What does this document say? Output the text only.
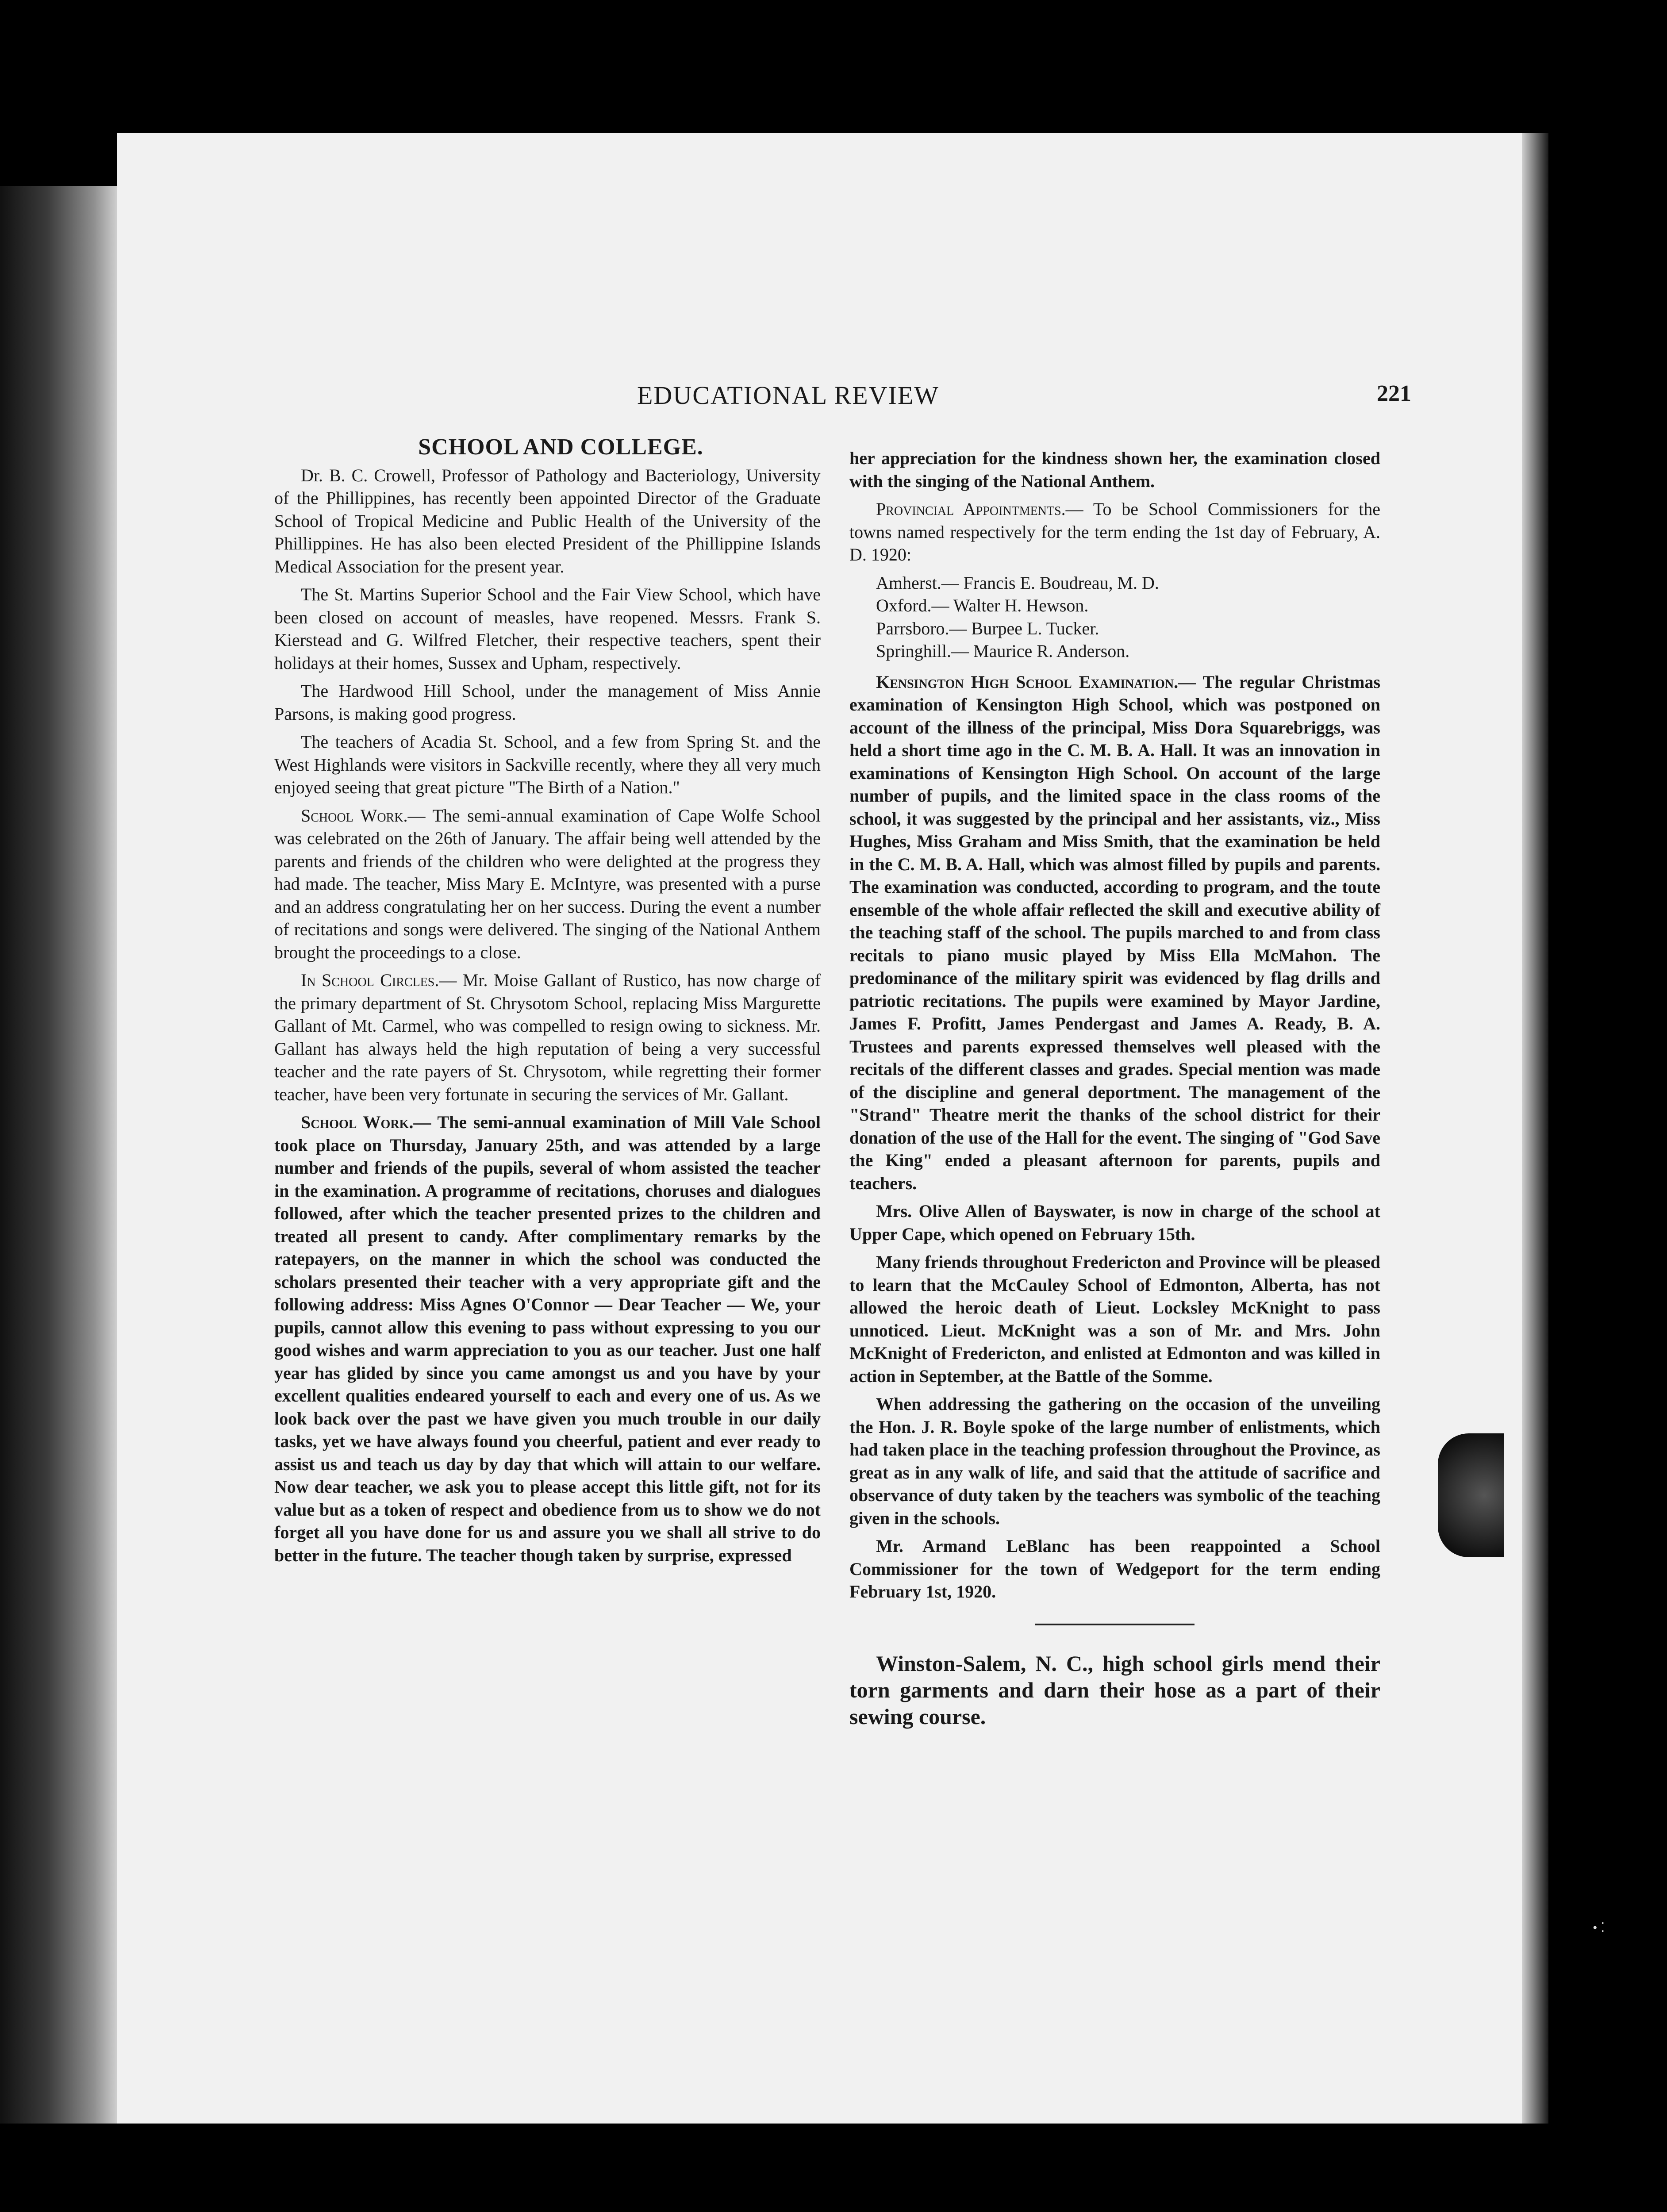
• ⁚
EDUCATIONAL REVIEW	221

SCHOOL AND COLLEGE.

Dr. B. C. Crowell, Professor of Pathology and Bacteriology, University of the Phillippines, has recently been appointed Director of the Graduate School of Tropical Medicine and Public Health of the University of the Phillippines. He has also been elected President of the Phillippine Islands Medical Association for the present year.

The St. Martins Superior School and the Fair View School, which have been closed on account of measles, have reopened. Messrs. Frank S. Kierstead and G. Wilfred Fletcher, their respective teachers, spent their holidays at their homes, Sussex and Upham, respectively.

The Hardwood Hill School, under the management of Miss Annie Parsons, is making good progress.

The teachers of Acadia St. School, and a few from Spring St. and the West Highlands were visitors in Sackville recently, where they all very much enjoyed seeing that great picture "The Birth of a Nation."

School Work.— The semi-annual examination of Cape Wolfe School was celebrated on the 26th of January. The affair being well attended by the parents and friends of the children who were delighted at the progress they had made. The teacher, Miss Mary E. McIntyre, was presented with a purse and an address congratulating her on her success. During the event a number of recitations and songs were delivered. The singing of the National Anthem brought the proceedings to a close.

In School Circles.— Mr. Moise Gallant of Rustico, has now charge of the primary department of St. Chrysotom School, replacing Miss Margurette Gallant of Mt. Carmel, who was compelled to resign owing to sickness. Mr. Gallant has always held the high reputation of being a very successful teacher and the rate payers of St. Chrysotom, while regretting their former teacher, have been very fortunate in securing the services of Mr. Gallant.

School Work.— The semi-annual examination of Mill Vale School took place on Thursday, January 25th, and was attended by a large number and friends of the pupils, several of whom assisted the teacher in the examination. A programme of recitations, choruses and dialogues followed, after which the teacher presented prizes to the children and treated all present to candy. After complimentary remarks by the ratepayers, on the manner in which the school was conducted the scholars presented their teacher with a very appropriate gift and the following address: Miss Agnes O'Connor — Dear Teacher — We, your pupils, cannot allow this evening to pass without expressing to you our good wishes and warm appreciation to you as our teacher. Just one half year has glided by since you came amongst us and you have by your excellent qualities endeared yourself to each and every one of us. As we look back over the past we have given you much trouble in our daily tasks, yet we have always found you cheerful, patient and ever ready to assist us and teach us day by day that which will attain to our welfare. Now dear teacher, we ask you to please accept this little gift, not for its value but as a token of respect and obedience from us to show we do not forget all you have done for us and assure you we shall all strive to do better in the future. The teacher though taken by surprise, expressed

her appreciation for the kindness shown her, the examination closed with the singing of the National Anthem.

Provincial Appointments.— To be School Commissioners for the towns named respectively for the term ending the 1st day of February, A. D. 1920:

Amherst.— Francis E. Boudreau, M. D.
Oxford.— Walter H. Hewson.
Parrsboro.— Burpee L. Tucker.
Springhill.— Maurice R. Anderson.

Kensington High School Examination.— The regular Christmas examination of Kensington High School, which was postponed on account of the illness of the principal, Miss Dora Squarebriggs, was held a short time ago in the C. M. B. A. Hall. It was an innovation in examinations of Kensington High School. On account of the large number of pupils, and the limited space in the class rooms of the school, it was suggested by the principal and her assistants, viz., Miss Hughes, Miss Graham and Miss Smith, that the examination be held in the C. M. B. A. Hall, which was almost filled by pupils and parents. The examination was conducted, according to program, and the toute ensemble of the whole affair reflected the skill and executive ability of the teaching staff of the school. The pupils marched to and from class recitals to piano music played by Miss Ella McMahon. The predominance of the military spirit was evidenced by flag drills and patriotic recitations. The pupils were examined by Mayor Jardine, James F. Profitt, James Pendergast and James A. Ready, B. A. Trustees and parents expressed themselves well pleased with the recitals of the different classes and grades. Special mention was made of the discipline and general deportment. The management of the "Strand" Theatre merit the thanks of the school district for their donation of the use of the Hall for the event. The singing of "God Save the King" ended a pleasant afternoon for parents, pupils and teachers.

Mrs. Olive Allen of Bayswater, is now in charge of the school at Upper Cape, which opened on February 15th.

Many friends throughout Fredericton and Province will be pleased to learn that the McCauley School of Edmonton, Alberta, has not allowed the heroic death of Lieut. Locksley McKnight to pass unnoticed. Lieut. McKnight was a son of Mr. and Mrs. John McKnight of Fredericton, and enlisted at Edmonton and was killed in action in September, at the Battle of the Somme.

When addressing the gathering on the occasion of the unveiling the Hon. J. R. Boyle spoke of the large number of enlistments, which had taken place in the teaching profession throughout the Province, as great as in any walk of life, and said that the attitude of sacrifice and observance of duty taken by the teachers was symbolic of the teaching given in the schools.

Mr. Armand LeBlanc has been reappointed a School Commissioner for the town of Wedgeport for the term ending February 1st, 1920.

Winston-Salem, N. C., high school girls mend their torn garments and darn their hose as a part of their sewing course.
